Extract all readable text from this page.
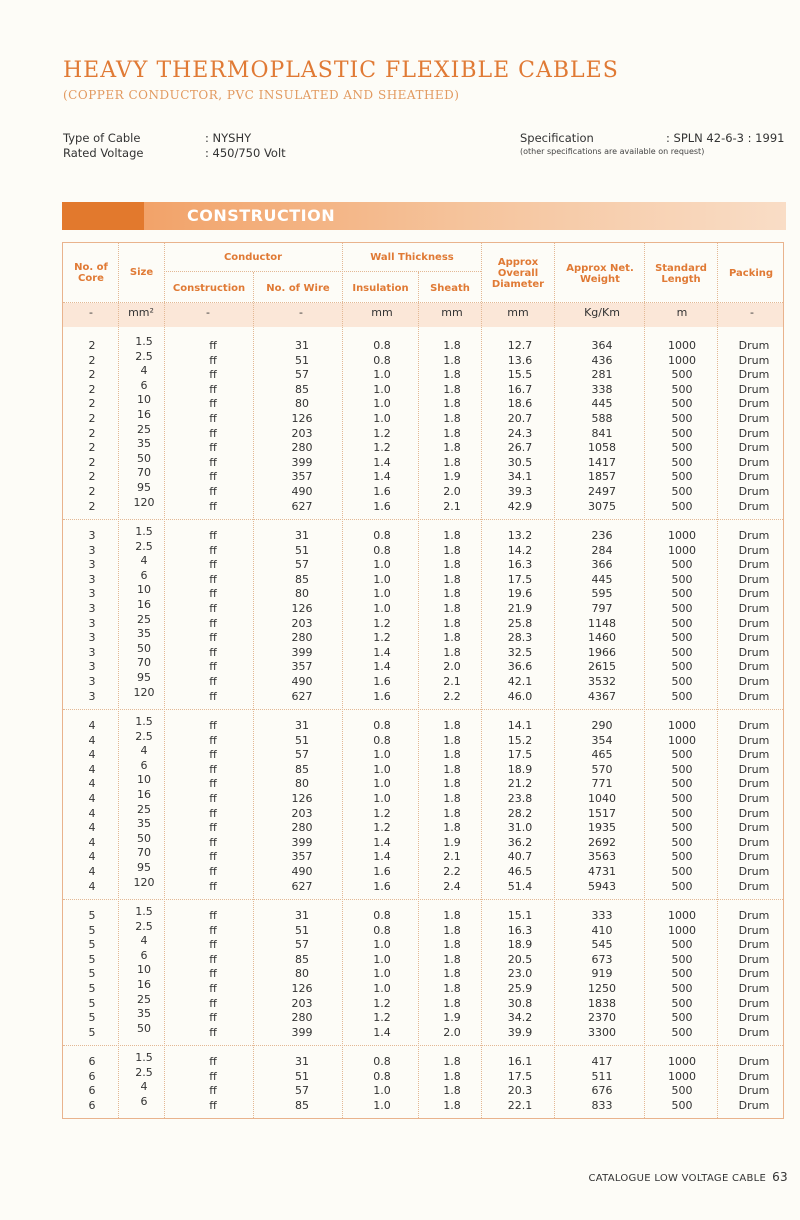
HEAVY THERMOPLASTIC FLEXIBLE CABLES
(COPPER CONDUCTOR, PVC INSULATED AND SHEATHED)
Type of Cable	: NYSHY
Rated Voltage	: 450/750 Volt
Specification	: SPLN 42-6-3 : 1991
(other specifications are available on request)
CONSTRUCTION
No. of Core
Size
Conductor
Construction	No. of Wire
Wall Thickness
Insulation	Sheath
Approx Overall Diameter
Approx Net. Weight
Standard Length
Packing
-	mm²	-	-	mm	mm	mm	Kg/Km	m	-
2	1.5	ff	31	0.8	1.8	12.7	364	1000	Drum
2	2.5	ff	51	0.8	1.8	13.6	436	1000	Drum
2	4	ff	57	1.0	1.8	15.5	281	500	Drum
2	6	ff	85	1.0	1.8	16.7	338	500	Drum
2	10	ff	80	1.0	1.8	18.6	445	500	Drum
2	16	ff	126	1.0	1.8	20.7	588	500	Drum
2	25	ff	203	1.2	1.8	24.3	841	500	Drum
2	35	ff	280	1.2	1.8	26.7	1058	500	Drum
2	50	ff	399	1.4	1.8	30.5	1417	500	Drum
2	70	ff	357	1.4	1.9	34.1	1857	500	Drum
2	95	ff	490	1.6	2.0	39.3	2497	500	Drum
2	120	ff	627	1.6	2.1	42.9	3075	500	Drum
3	1.5	ff	31	0.8	1.8	13.2	236	1000	Drum
3	2.5	ff	51	0.8	1.8	14.2	284	1000	Drum
3	4	ff	57	1.0	1.8	16.3	366	500	Drum
3	6	ff	85	1.0	1.8	17.5	445	500	Drum
3	10	ff	80	1.0	1.8	19.6	595	500	Drum
3	16	ff	126	1.0	1.8	21.9	797	500	Drum
3	25	ff	203	1.2	1.8	25.8	1148	500	Drum
3	35	ff	280	1.2	1.8	28.3	1460	500	Drum
3	50	ff	399	1.4	1.8	32.5	1966	500	Drum
3	70	ff	357	1.4	2.0	36.6	2615	500	Drum
3	95	ff	490	1.6	2.1	42.1	3532	500	Drum
3	120	ff	627	1.6	2.2	46.0	4367	500	Drum
4	1.5	ff	31	0.8	1.8	14.1	290	1000	Drum
4	2.5	ff	51	0.8	1.8	15.2	354	1000	Drum
4	4	ff	57	1.0	1.8	17.5	465	500	Drum
4	6	ff	85	1.0	1.8	18.9	570	500	Drum
4	10	ff	80	1.0	1.8	21.2	771	500	Drum
4	16	ff	126	1.0	1.8	23.8	1040	500	Drum
4	25	ff	203	1.2	1.8	28.2	1517	500	Drum
4	35	ff	280	1.2	1.8	31.0	1935	500	Drum
4	50	ff	399	1.4	1.9	36.2	2692	500	Drum
4	70	ff	357	1.4	2.1	40.7	3563	500	Drum
4	95	ff	490	1.6	2.2	46.5	4731	500	Drum
4	120	ff	627	1.6	2.4	51.4	5943	500	Drum
5	1.5	ff	31	0.8	1.8	15.1	333	1000	Drum
5	2.5	ff	51	0.8	1.8	16.3	410	1000	Drum
5	4	ff	57	1.0	1.8	18.9	545	500	Drum
5	6	ff	85	1.0	1.8	20.5	673	500	Drum
5	10	ff	80	1.0	1.8	23.0	919	500	Drum
5	16	ff	126	1.0	1.8	25.9	1250	500	Drum
5	25	ff	203	1.2	1.8	30.8	1838	500	Drum
5	35	ff	280	1.2	1.9	34.2	2370	500	Drum
5	50	ff	399	1.4	2.0	39.9	3300	500	Drum
6	1.5	ff	31	0.8	1.8	16.1	417	1000	Drum
6	2.5	ff	51	0.8	1.8	17.5	511	1000	Drum
6	4	ff	57	1.0	1.8	20.3	676	500	Drum
6	6	ff	85	1.0	1.8	22.1	833	500	Drum
CATALOGUE LOW VOLTAGE CABLE 63
